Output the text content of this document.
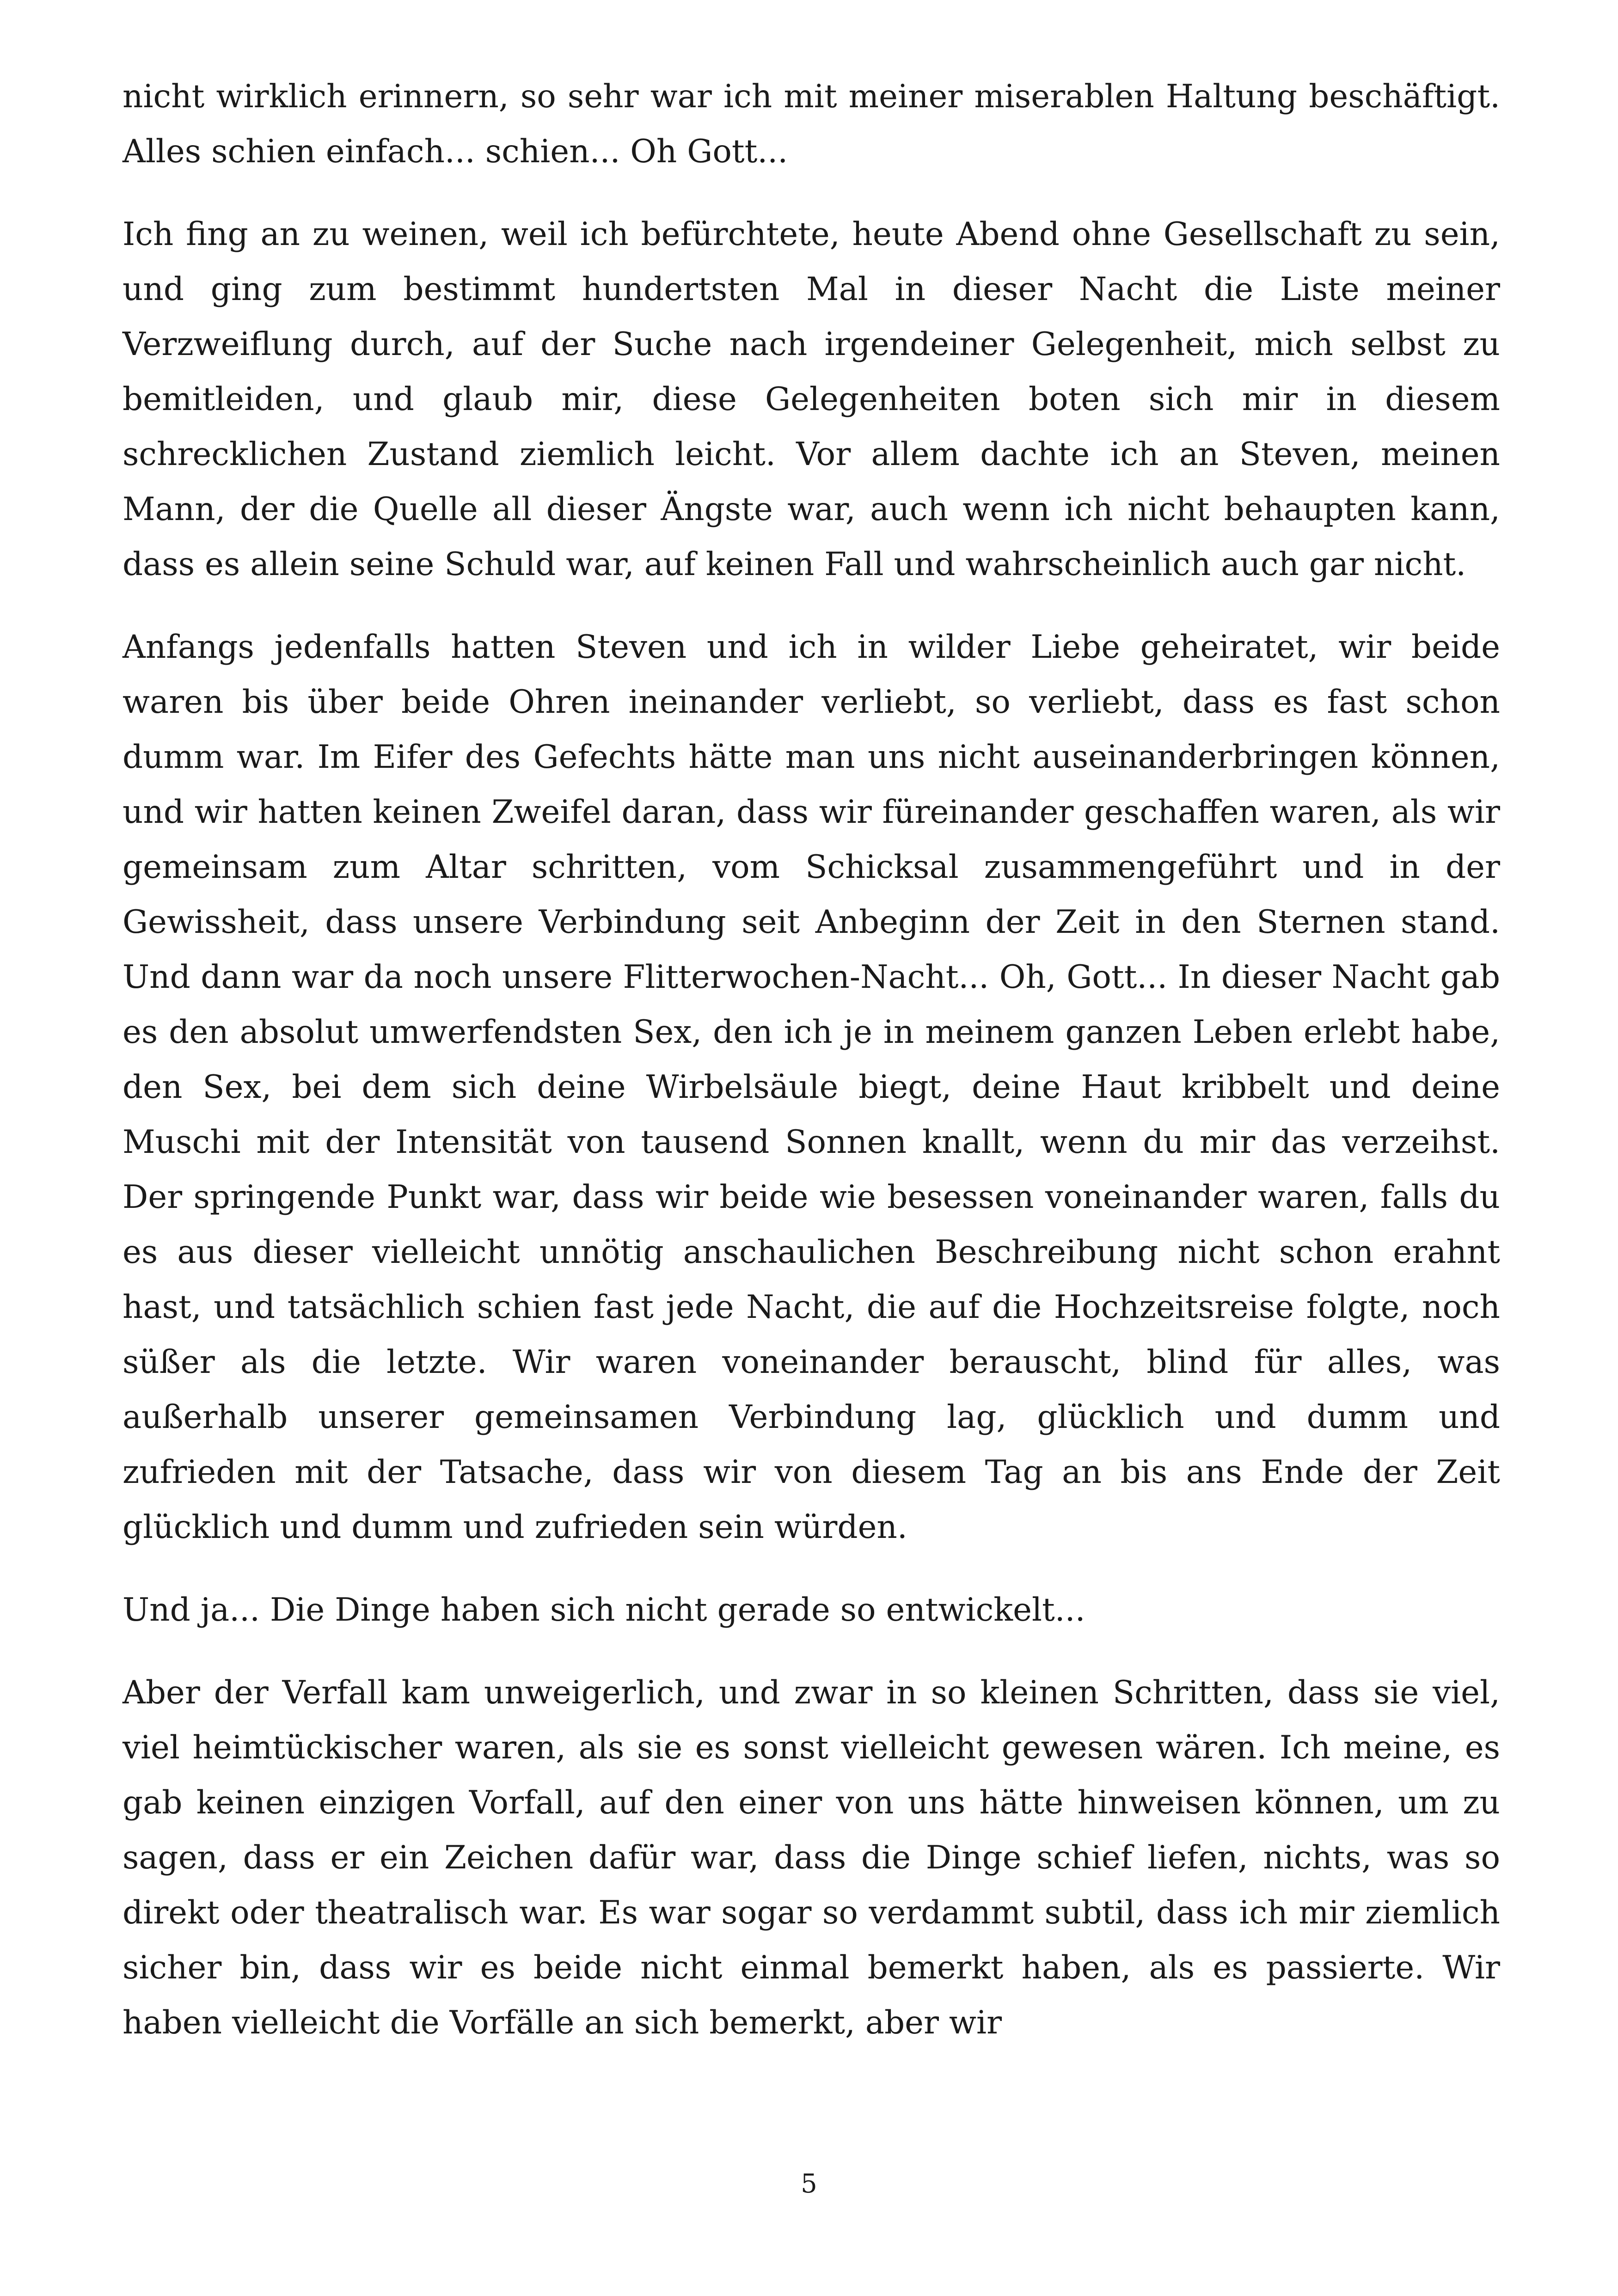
nicht wirklich erinnern, so sehr war ich mit meiner miserablen Haltung beschäftigt. Alles schien einfach... schien... Oh Gott...

Ich fing an zu weinen, weil ich befürchtete, heute Abend ohne Gesellschaft zu sein, und ging zum bestimmt hundertsten Mal in dieser Nacht die Liste meiner Verzweiflung durch, auf der Suche nach irgendeiner Gelegenheit, mich selbst zu bemitleiden, und glaub mir, diese Gelegenheiten boten sich mir in diesem schrecklichen Zustand ziemlich leicht. Vor allem dachte ich an Steven, meinen Mann, der die Quelle all dieser Ängste war, auch wenn ich nicht behaupten kann, dass es allein seine Schuld war, auf keinen Fall und wahrscheinlich auch gar nicht.

Anfangs jedenfalls hatten Steven und ich in wilder Liebe geheiratet, wir beide waren bis über beide Ohren ineinander verliebt, so verliebt, dass es fast schon dumm war. Im Eifer des Gefechts hätte man uns nicht auseinanderbringen können, und wir hatten keinen Zweifel daran, dass wir füreinander geschaffen waren, als wir gemeinsam zum Altar schritten, vom Schicksal zusammengeführt und in der Gewissheit, dass unsere Verbindung seit Anbeginn der Zeit in den Sternen stand. Und dann war da noch unsere Flitterwochen-Nacht... Oh, Gott... In dieser Nacht gab es den absolut umwerfendsten Sex, den ich je in meinem ganzen Leben erlebt habe, den Sex, bei dem sich deine Wirbelsäule biegt, deine Haut kribbelt und deine Muschi mit der Intensität von tausend Sonnen knallt, wenn du mir das verzeihst. Der springende Punkt war, dass wir beide wie besessen voneinander waren, falls du es aus dieser vielleicht unnötig anschaulichen Beschreibung nicht schon erahnt hast, und tatsächlich schien fast jede Nacht, die auf die Hochzeitsreise folgte, noch süßer als die letzte. Wir waren voneinander berauscht, blind für alles, was außerhalb unserer gemeinsamen Verbindung lag, glücklich und dumm und zufrieden mit der Tatsache, dass wir von diesem Tag an bis ans Ende der Zeit glücklich und dumm und zufrieden sein würden.

Und ja... Die Dinge haben sich nicht gerade so entwickelt...

Aber der Verfall kam unweigerlich, und zwar in so kleinen Schritten, dass sie viel, viel heimtückischer waren, als sie es sonst vielleicht gewesen wären. Ich meine, es gab keinen einzigen Vorfall, auf den einer von uns hätte hinweisen können, um zu sagen, dass er ein Zeichen dafür war, dass die Dinge schief liefen, nichts, was so direkt oder theatralisch war. Es war sogar so verdammt subtil, dass ich mir ziemlich sicher bin, dass wir es beide nicht einmal bemerkt haben, als es passierte. Wir haben vielleicht die Vorfälle an sich bemerkt, aber wir

5
